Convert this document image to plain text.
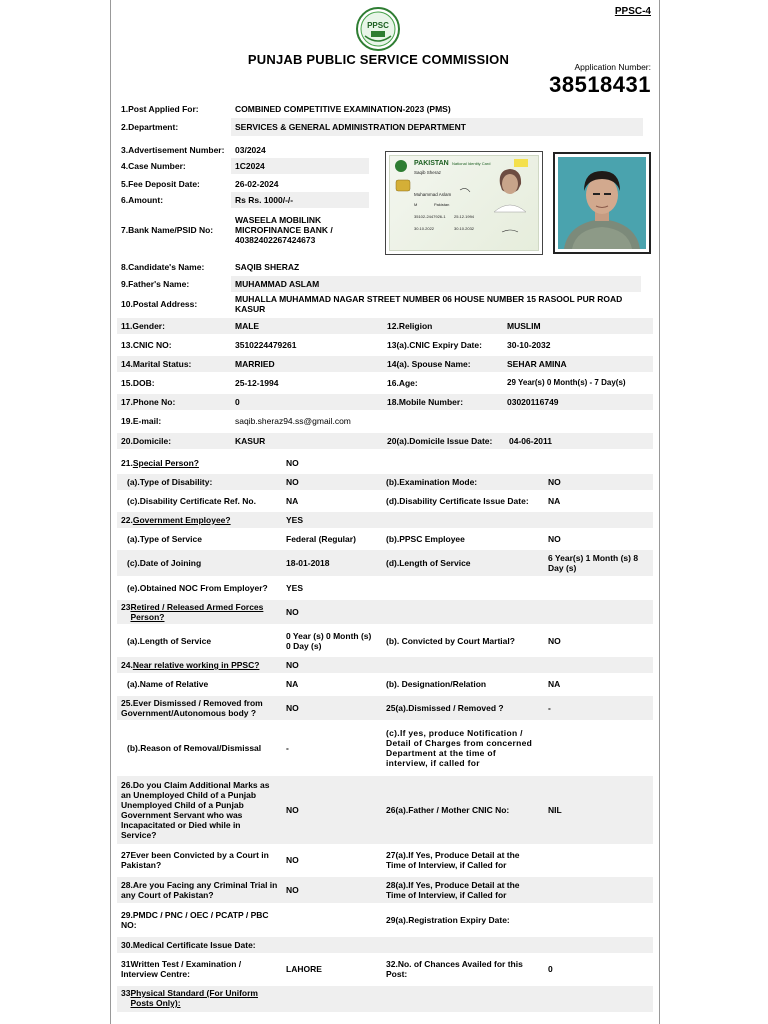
PPSC-4
PPSC
PUNJAB PUBLIC SERVICE COMMISSION	Application Number:
38518431
1.Post Applied For:	COMBINED COMPETITIVE EXAMINATION-2023 (PMS)
2.Department:	SERVICES & GENERAL ADMINISTRATION DEPARTMENT
3.Advertisement Number:	03/2024
4.Case Number:	1C2024
5.Fee Deposit Date:	26-02-2024
6.Amount:	Rs Rs. 1000/-/-
7.Bank Name/PSID No:
WASEELA MOBILINK MICROFINANCE BANK / 40382402267424673
PAKISTAN National Identity Card
Saqib Sheraz
Muhammad Aslam
M	Pakistan
35102-2447926-1 25.12.1994
30.10.2022	30.10.2032
8.Candidate's Name:	SAQIB SHERAZ
9.Father's Name:	MUHAMMAD ASLAM
10.Postal Address:	MUHALLA MUHAMMAD NAGAR STREET NUMBER 06 HOUSE NUMBER 15 RASOOL PUR ROAD KASUR
11.Gender:	MALE	12.Religion	MUSLIM
13.CNIC NO:	3510224479261	13(a).CNIC Expiry Date:	30-10-2032
14.Marital Status:	MARRIED	14(a). Spouse Name:	SEHAR AMINA
15.DOB:	25-12-1994	16.Age:	29 Year(s) 0 Month(s) - 7 Day(s)
17.Phone No:	0	18.Mobile Number:	03020116749
19.E-mail:	saqib.sheraz94.ss@gmail.com
20.Domicile:	KASUR	20(a).Domicile Issue Date:	04-06-2011
21. Special Person?	NO
(a).Type of Disability:	NO	(b).Examination Mode:	NO
(c).Disability Certificate Ref. No.	NA	(d).Disability Certificate Issue Date:	NA
22. Government Employee?	YES
(a).Type of Service	Federal (Regular)	(b).PPSC Employee	NO
(c).Date of Joining	18-01-2018	(d).Length of Service	6 Year(s) 1 Month (s) 8 Day (s)
(e).Obtained NOC From Employer?	YES
23 Retired / Released Armed Forces Person?	NO
(a).Length of Service	0 Year (s) 0 Month (s) 0 Day (s)	(b). Convicted by Court Martial?	NO
24. Near relative working in PPSC?	NO
(a).Name of Relative	NA	(b). Designation/Relation	NA
25.Ever Dismissed / Removed from Government/Autonomous body ?	NO	25(a).Dismissed / Removed ?	-
(b).Reason of Removal/Dismissal	-
(c).If yes, produce Notification / Detail of Charges from concerned Department at the time of interview, if called for
26.Do you Claim Additional Marks as an Unemployed Child of a Punjab Unemployed Child of a Punjab Government Servant who was Incapacitated or Died while in Service?
NO	26(a).Father / Mother CNIC No:	NIL
27Ever been Convicted by a Court in Pakistan?	NO	27(a).If Yes, Produce Detail at the Time of Interview, if Called for
28.Are you Facing any Criminal Trial in any Court of Pakistan?	NO	28(a).If Yes, Produce Detail at the Time of Interview, if Called for
29.PMDC / PNC / OEC / PCATP / PBC NO:	29(a).Registration Expiry Date:
30.Medical Certificate Issue Date:
31Written Test / Examination / Interview Centre:	LAHORE	32.No. of Chances Availed for this Post:	0
33 Physical Standard (For Uniform Posts Only):
